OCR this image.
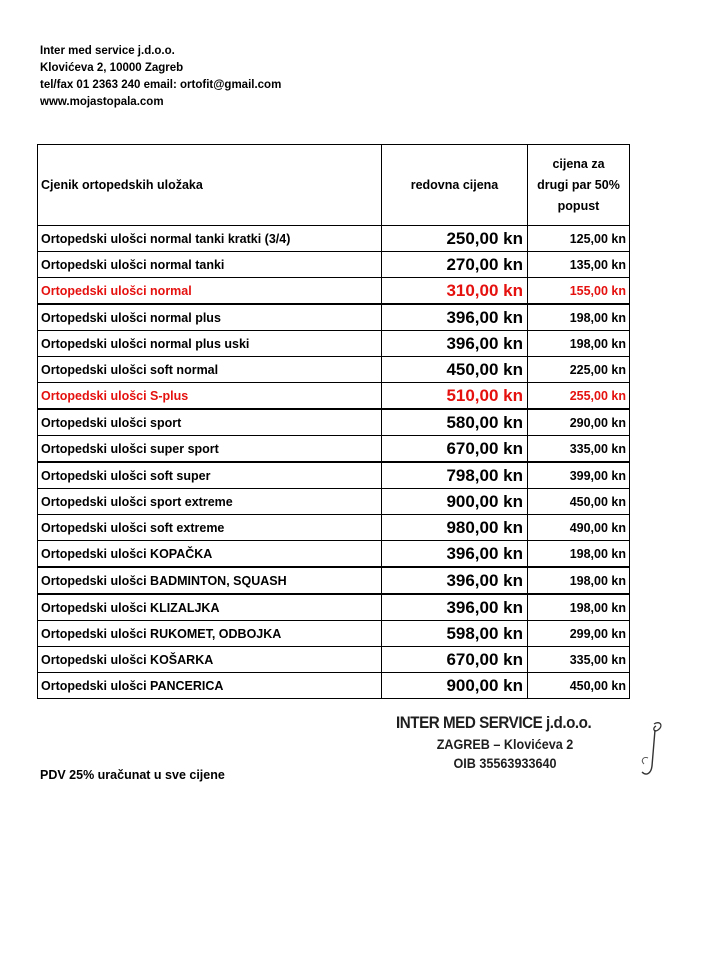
Inter med service j.d.o.o.
Klovićeva 2, 10000 Zagreb
tel/fax 01 2363 240 email: ortofit@gmail.com
www.mojastopala.com
Cjenik ortopedskih uložaka	redovna cijena	cijena za
drugi par 50%
popust
Ortopedski ulošci normal tanki kratki (3/4)	250,00 kn	125,00 kn
Ortopedski ulošci normal tanki	270,00 kn	135,00 kn
Ortopedski ulošci normal	310,00 kn	155,00 kn
Ortopedski ulošci normal plus	396,00 kn	198,00 kn
Ortopedski ulošci normal plus uski	396,00 kn	198,00 kn
Ortopedski ulošci soft normal	450,00 kn	225,00 kn
Ortopedski ulošci S-plus	510,00 kn	255,00 kn
Ortopedski ulošci sport	580,00 kn	290,00 kn
Ortopedski ulošci super sport	670,00 kn	335,00 kn
Ortopedski ulošci soft super	798,00 kn	399,00 kn
Ortopedski ulošci sport extreme	900,00 kn	450,00 kn
Ortopedski ulošci soft extreme	980,00 kn	490,00 kn
Ortopedski ulošci KOPAČKA	396,00 kn	198,00 kn
Ortopedski ulošci BADMINTON, SQUASH	396,00 kn	198,00 kn
Ortopedski ulošci KLIZALJKA	396,00 kn	198,00 kn
Ortopedski ulošci RUKOMET, ODBOJKA	598,00 kn	299,00 kn
Ortopedski ulošci KOŠARKA	670,00 kn	335,00 kn
Ortopedski ulošci PANCERICA	900,00 kn	450,00 kn
PDV 25% uračunat u sve cijene
INTER MED SERVICE j.d.o.o.
ZAGREB – Klovićeva 2
OIB 35563933640
